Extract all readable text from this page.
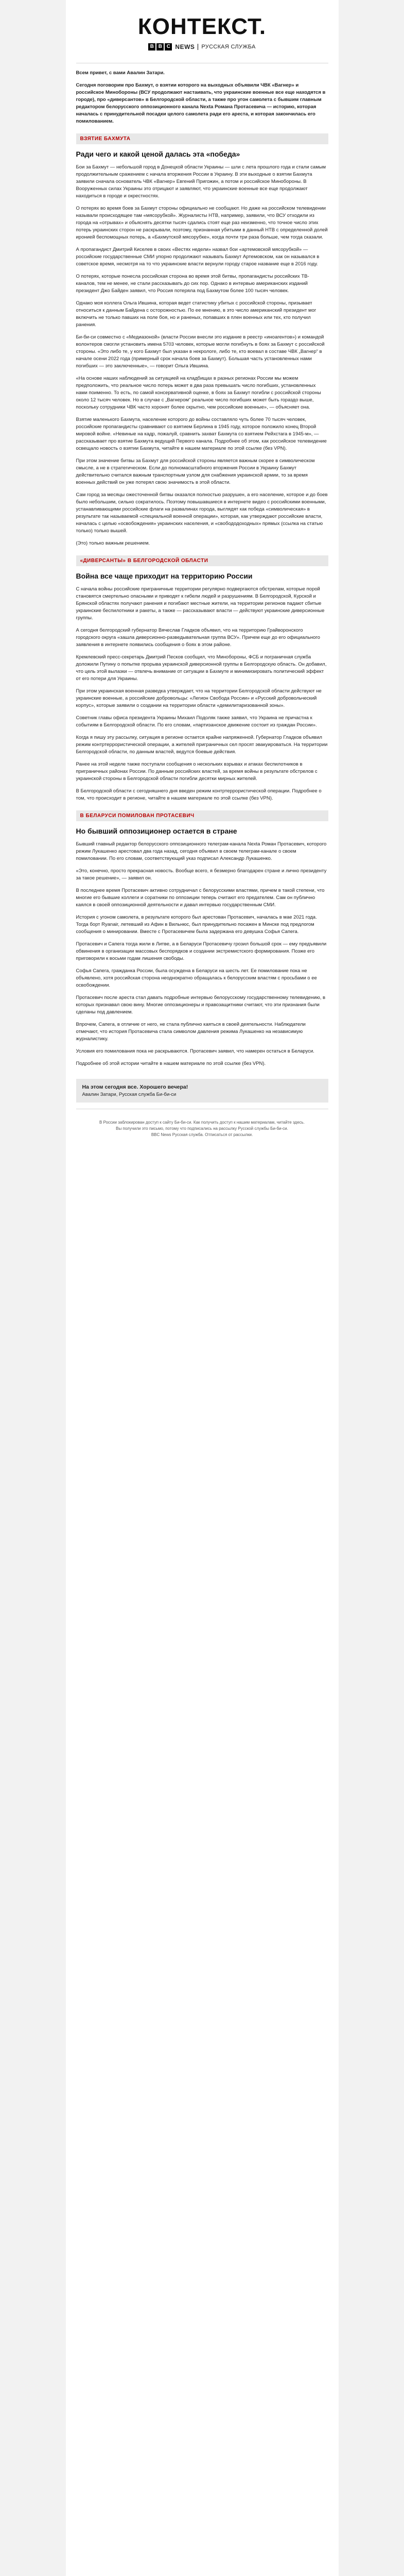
КОНТЕКСТ.
B B C NEWS РУССКАЯ СЛУЖБА

Всем привет, с вами Авалин Затари.

Сегодня поговорим про Бахмут, о взятии которого на выходных объявили ЧВК «Вагнер» и российское Минобороны (ВСУ продолжают настаивать, что украинские военные все еще находятся в городе), про «диверсантов» в Белгородской области, а также про угон самолета с бывшим главным редактором белорусского оппозиционного канала Nexta Романа Протасевича — историю, которая началась с принудительной посадки целого самолета ради его ареста, и которая закончилась его помилованием.

ВЗЯТИЕ БАХМУТА
Ради чего и какой ценой далась эта «победа»

Бои за Бахмут — небольшой город в Донецкой области Украины — шли с лета прошлого года и стали самым продолжительным сражением с начала вторжения России в Украину. В эти выходные о взятии Бахмута заявили сначала основатель ЧВК «Вагнер» Евгений Пригожин, а потом и российское Минобороны. В Вооруженных силах Украины это отрицают и заявляют, что украинские военные все еще продолжают находиться в городе и окрестностях.

О потерях во время боев за Бахмут стороны официально не сообщают. Но даже на российском телевидении называли происходящее там «мясорубкой». Журналисты НТВ, например, заявили, что ВСУ отходили из города на «отрывах» и обьяснять десятки тысяч сдались стоят еще раз неизменно, что точное число этих потерь украинских сторон не раскрывали, поэтому, признанная убитыми в данный НТВ с определенной долей иронией беспомощных потерь, а «Бахмутской мясорубке», когда почти три раза больше, чем тогда сказали.

А пропагандист Дмитрий Киселев в своих «Вестях недели» назвал бои «артемовской мясорубкой» — российские государственные СМИ упорно продолжают называть Бахмут Артемовском, как он назывался в советское время, несмотря на то что украинские власти вернули городу старое название еще в 2016 году.

О потерях, которые понесла российская сторона во время этой битвы, пропагандисты российских ТВ-каналов, тем не менее, не стали рассказывать до сих пор. Однако в интервью американских изданий президент Джо Байден заявил, что Россия потеряла под Бахмутом более 100 тысяч человек.

Однако моя коллега Ольга Ившина, которая ведет статистику убитых с российской стороны, призывает относиться к данным Байдена с осторожностью. По ее мнению, в это число американский президент мог включить не только павших на поле боя, но и раненых, попавших в плен военных или тех, кто получил ранения.

Би-би-си совместно с «Медиазоной» (власти России внесли это издание в реестр «иноагентов») и командой волонтеров смогли установить имена 5703 человек, которые могли погибнуть в боях за Бахмут с российской стороны. «Это либо те, у кого Бахмут был указан в некрологе, либо те, кто воевал в составе ЧВК „Вагнер“ в начале осени 2022 года (примерный срок начала боев за Бахмут). Большая часть установленных нами погибших — это заключенные», — говорит Ольга Ившина.

«На основе наших наблюдений за ситуацией на кладбищах в разных регионах России мы можем предположить, что реальное число потерь может в два раза превышать число погибших, установленных нами поименно. То есть, по самой консервативной оценке, в боях за Бахмут погибли с российской стороны около 12 тысяч человек. Но в случае с „Вагнером“ реальное число погибших может быть гораздо выше, поскольку сотрудники ЧВК часто хоронят более скрытно, чем российские военные», — объясняет она.

Взятие маленького Бахмута, население которого до войны составляло чуть более 70 тысяч человек, российские пропагандисты сравнивают со взятием Берлина в 1945 году, которое положило конец Второй мировой войне. «Невиные на кадр, пожалуй, сравнить захват Бахмута со взятием Рейхстага в 1945-м», — рассказывает про взятие Бахмута ведущий Первого канала. Подробнее об этом, как российское телевидение освещало новость о взятии Бахмута, читайте в нашем материале по этой ссылке (без VPN).

При этом значение битвы за Бахмут для российской стороны является важным скорее в символическом смысле, а не в стратегическом. Если до полномасштабного вторжения России в Украину Бахмут действительно считался важным транспортным узлом для снабжения украинской армии, то за время военных действий он уже потерял свою значимость в этой области.

Сам город за месяцы ожесточенной битвы оказался полностью разрушен, а его население, которое и до боев было небольшим, сильно сократилось. Поэтому повышавшиеся в интернете видео с российскими военными, устанавливающими российские флаги на развалинах города, выглядят как победа «символическая» в результате так называемой «специальной военной операции», которая, как утверждают российские власти, началась с целью «освобождения» украинских населения, и «свобододоходных» прямых (ссылка на статью только) только вышей.

(Это) только важным решением.

«ДИВЕРСАНТЫ» В БЕЛГОРОДСКОЙ ОБЛАСТИ
Война все чаще приходит на территорию России

С начала войны российские приграничные территории регулярно подвергаются обстрелам, которые порой становятся смертельно опасными и приводят к гибели людей и разрушениям. В Белгородской, Курской и Брянской областях получают ранения и погибают местные жители, на территории регионов падают сбитые украинские беспилотники и ракеты, а также — рассказывают власти — действуют украинские диверсионные группы.

А сегодня белгородский губернатор Вячеслав Гладков объявил, что на территорию Грайворонского городского округа «зашла диверсионно-разведывательная группа ВСУ». Причем еще до его официального заявления в интернете появились сообщения о боях в этом районе.

Кремлевский пресс-секретарь Дмитрий Песков сообщил, что Минобороны, ФСБ и пограничная служба доложили Путину о попытке прорыва украинской диверсионной группы в Белгородскую область. Он добавил, что цель этой вылазки — отвлечь внимание от ситуации в Бахмуте и минимизировать политический эффект от его потери для Украины.

При этом украинская военная разведка утверждает, что на территории Белгородской области действуют не украинские военные, а российские добровольцы: «Легион Свобода России» и «Русский добровольческий корпус», которые заявили о создании на территории области «демилитаризованной зоны».

Советник главы офиса президента Украины Михаил Подоляк также заявил, что Украина не причастна к событиям в Белгородской области. По его словам, «партизанское движение состоит из граждан России».

Когда я пишу эту рассылку, ситуация в регионе остается крайне напряженной. Губернатор Гладков объявил режим контртеррористической операции, а жителей приграничных сел просят эвакуироваться. На территории Белгородской области, по данным властей, ведутся боевые действия.

Ранее на этой неделе также поступали сообщения о нескольких взрывах и атаках беспилотников в приграничных районах России. По данным российских властей, за время войны в результате обстрелов с украинской стороны в Белгородской области погибли десятки мирных жителей.

В Белгородской области с сегодняшнего дня введен режим контртеррористической операции. Подробнее о том, что происходит в регионе, читайте в нашем материале по этой ссылке (без VPN).

В БЕЛАРУСИ ПОМИЛОВАН ПРОТАСЕВИЧ
Но бывший оппозиционер остается в стране

Бывший главный редактор белорусского оппозиционного телеграм-канала Nexta Роман Протасевич, которого режим Лукашенко арестовал два года назад, сегодня объявил в своем телеграм-канале о своем помиловании. По его словам, соответствующий указ подписал Александр Лукашенко.

«Это, конечно, просто прекрасная новость. Вообще всего, я безмерно благодарен стране и лично президенту за такое решение», — заявил он.

В последнее время Протасевич активно сотрудничал с белорусскими властями, причем в такой степени, что многие его бывшие коллеги и соратники по оппозиции теперь считают его предателем. Сам он публично каялся в своей оппозиционной деятельности и давал интервью государственным СМИ.

История с угоном самолета, в результате которого был арестован Протасевич, началась в мае 2021 года. Тогда борт Ryanair, летевший из Афин в Вильнюс, был принудительно посажен в Минске под предлогом сообщения о минировании. Вместе с Протасевичем была задержана его девушка Софья Сапега.

Протасевич и Сапега тогда жили в Литве, а в Беларуси Протасевичу грозил большой срок — ему предъявили обвинения в организации массовых беспорядков и создании экстремистского формирования. Позже его приговорили к восьми годам лишения свободы.

Софья Сапега, гражданка России, была осуждена в Беларуси на шесть лет. Ее помилование пока не объявлено, хотя российская сторона неоднократно обращалась к белорусским властям с просьбами о ее освобождении.

Протасевич после ареста стал давать подробные интервью белорусскому государственному телевидению, в которых признавал свою вину. Многие оппозиционеры и правозащитники считают, что эти признания были сделаны под давлением.

Впрочем, Сапега, в отличие от него, не стала публично каяться в своей деятельности. Наблюдатели отмечают, что история Протасевича стала символом давления режима Лукашенко на независимую журналистику.

Условия его помилования пока не раскрываются. Протасевич заявил, что намерен остаться в Беларуси.

Подробнее об этой истории читайте в нашем материале по этой ссылке (без VPN).

На этом сегодня все. Хорошего вечера!

Авалин Затари, Русская служба Би-би-си

В России заблокирован доступ к сайту Би-би-си. Как получить доступ к нашим материалам, читайте здесь.
Вы получили это письмо, потому что подписались на рассылку Русской службы Би-би-си.
BBC News Русская служба. Отписаться от рассылки.
